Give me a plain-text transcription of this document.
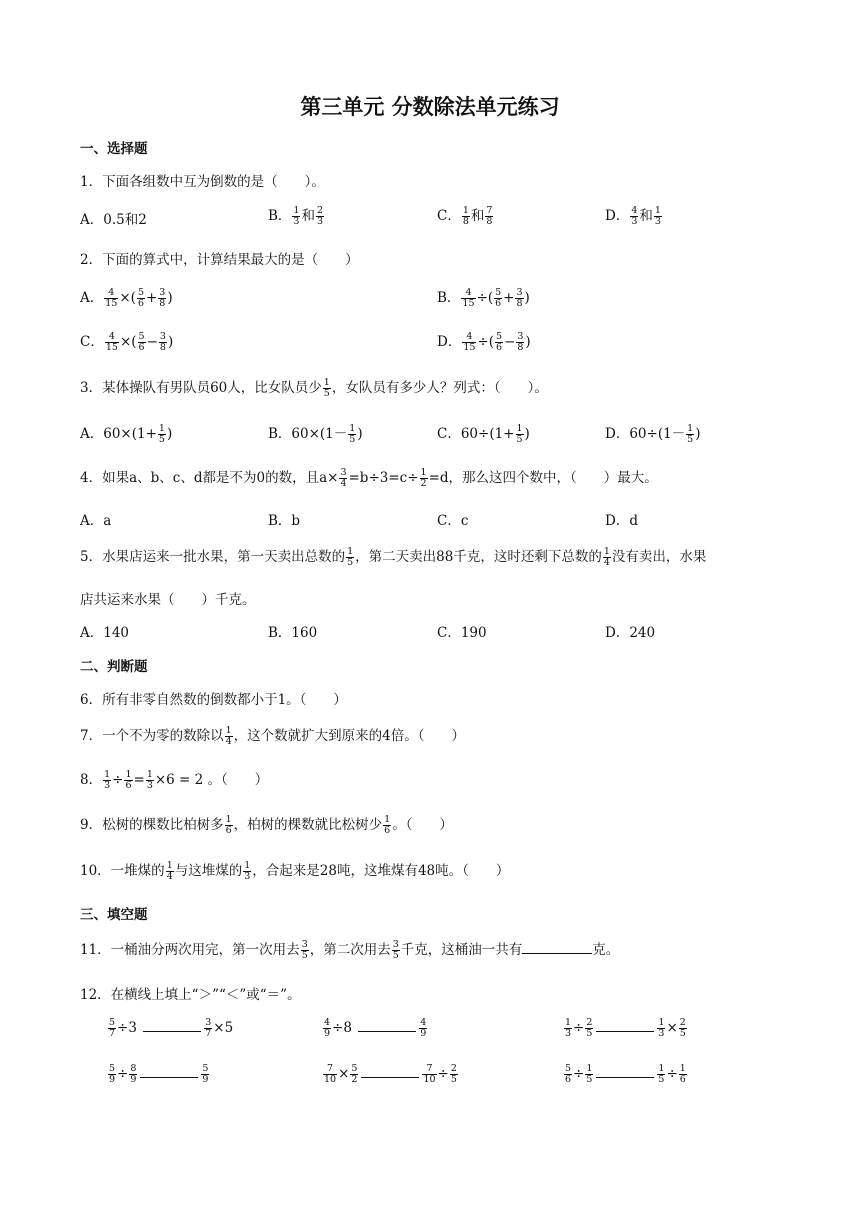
第三单元 分数除法单元练习
一、选择题
1．下面各组数中互为倒数的是（　　）。
A．0.5和2	B． $\frac{1}{3}$ 和 $\frac{2}{3}$	C． $\frac{1}{8}$ 和 $\frac{7}{8}$	D． $\frac{4}{3}$ 和 $\frac{1}{3}$
2．下面的算式中，计算结果最大的是（　　）
A． $\frac{4}{15}$ ×( $\frac{5}{6} + \frac{3}{8}$ )	B． $\frac{4}{15}$ ÷( $\frac{5}{6} + \frac{3}{8}$ )
C． $\frac{4}{15}$ ×( $\frac{5}{6} - \frac{3}{8}$ )	D． $\frac{4}{15}$ ÷( $\frac{5}{6} - \frac{3}{8}$ )
3．某体操队有男队员60人，比女队员少 $\frac{1}{5}$ ，女队员有多少人？列式：（　　）。
A．$60\times(1+ \frac{1}{5}$ )	B．$60\times(1- \frac{1}{5}$ )	C．$60\div(1+ \frac{1}{5}$ )	D．$60\div(1- \frac{1}{5}$ )
4．如果a、b、c、d都是不为0的数，且$a\times \frac{3}{4} =b\div 3=c\div \frac{1}{2} =d$，那么这四个数中，（　　）最大。
A．a	B．b	C．c	D．d
5．水果店运来一批水果，第一天卖出总数的 $\frac{1}{5}$ ，第二天卖出88千克，这时还剩下总数的 $\frac{1}{4}$ 没有卖出，水果
店共运来水果（　　）千克。
A．140	B．160	C．190	D．240
二、判断题
6．所有非零自然数的倒数都小于1。（　　）
7．一个不为零的数除以 $\frac{1}{4}$ ，这个数就扩大到原来的4倍。（　　）
8． $\frac{1}{3} \div \frac{1}{6} = \frac{1}{3} \times 6 = 2$ 。（　　）
9．松树的棵数比柏树多 $\frac{1}{6}$ ，柏树的棵数就比松树少 $\frac{1}{6}$ 。（　　）
10．一堆煤的 $\frac{1}{4}$ 与这堆煤的 $\frac{1}{3}$ ，合起来是28吨，这堆煤有48吨。（　　）
三、填空题
11．一桶油分两次用完，第一次用去 $\frac{3}{5}$ ，第二次用去 $\frac{3}{5}$ 千克，这桶油一共有	克。
12．在横线上填上“＞”“＜”或“＝”。
$\frac{5}{7} \div 3$	$\frac{3}{7} \times 5$	$\frac{4}{9} \div 8$	$\frac{4}{9}$	$\frac{1}{3} \div \frac{2}{5}$	$\frac{1}{3} \times \frac{2}{5}$
$\frac{5}{9} \div \frac{8}{9}$	$\frac{5}{9}$	$\frac{7}{10} \times \frac{5}{2}$	$\frac{7}{10} \div \frac{2}{5}$	$\frac{5}{6} \div \frac{1}{5}$	$\frac{1}{5} \div \frac{1}{6}$
